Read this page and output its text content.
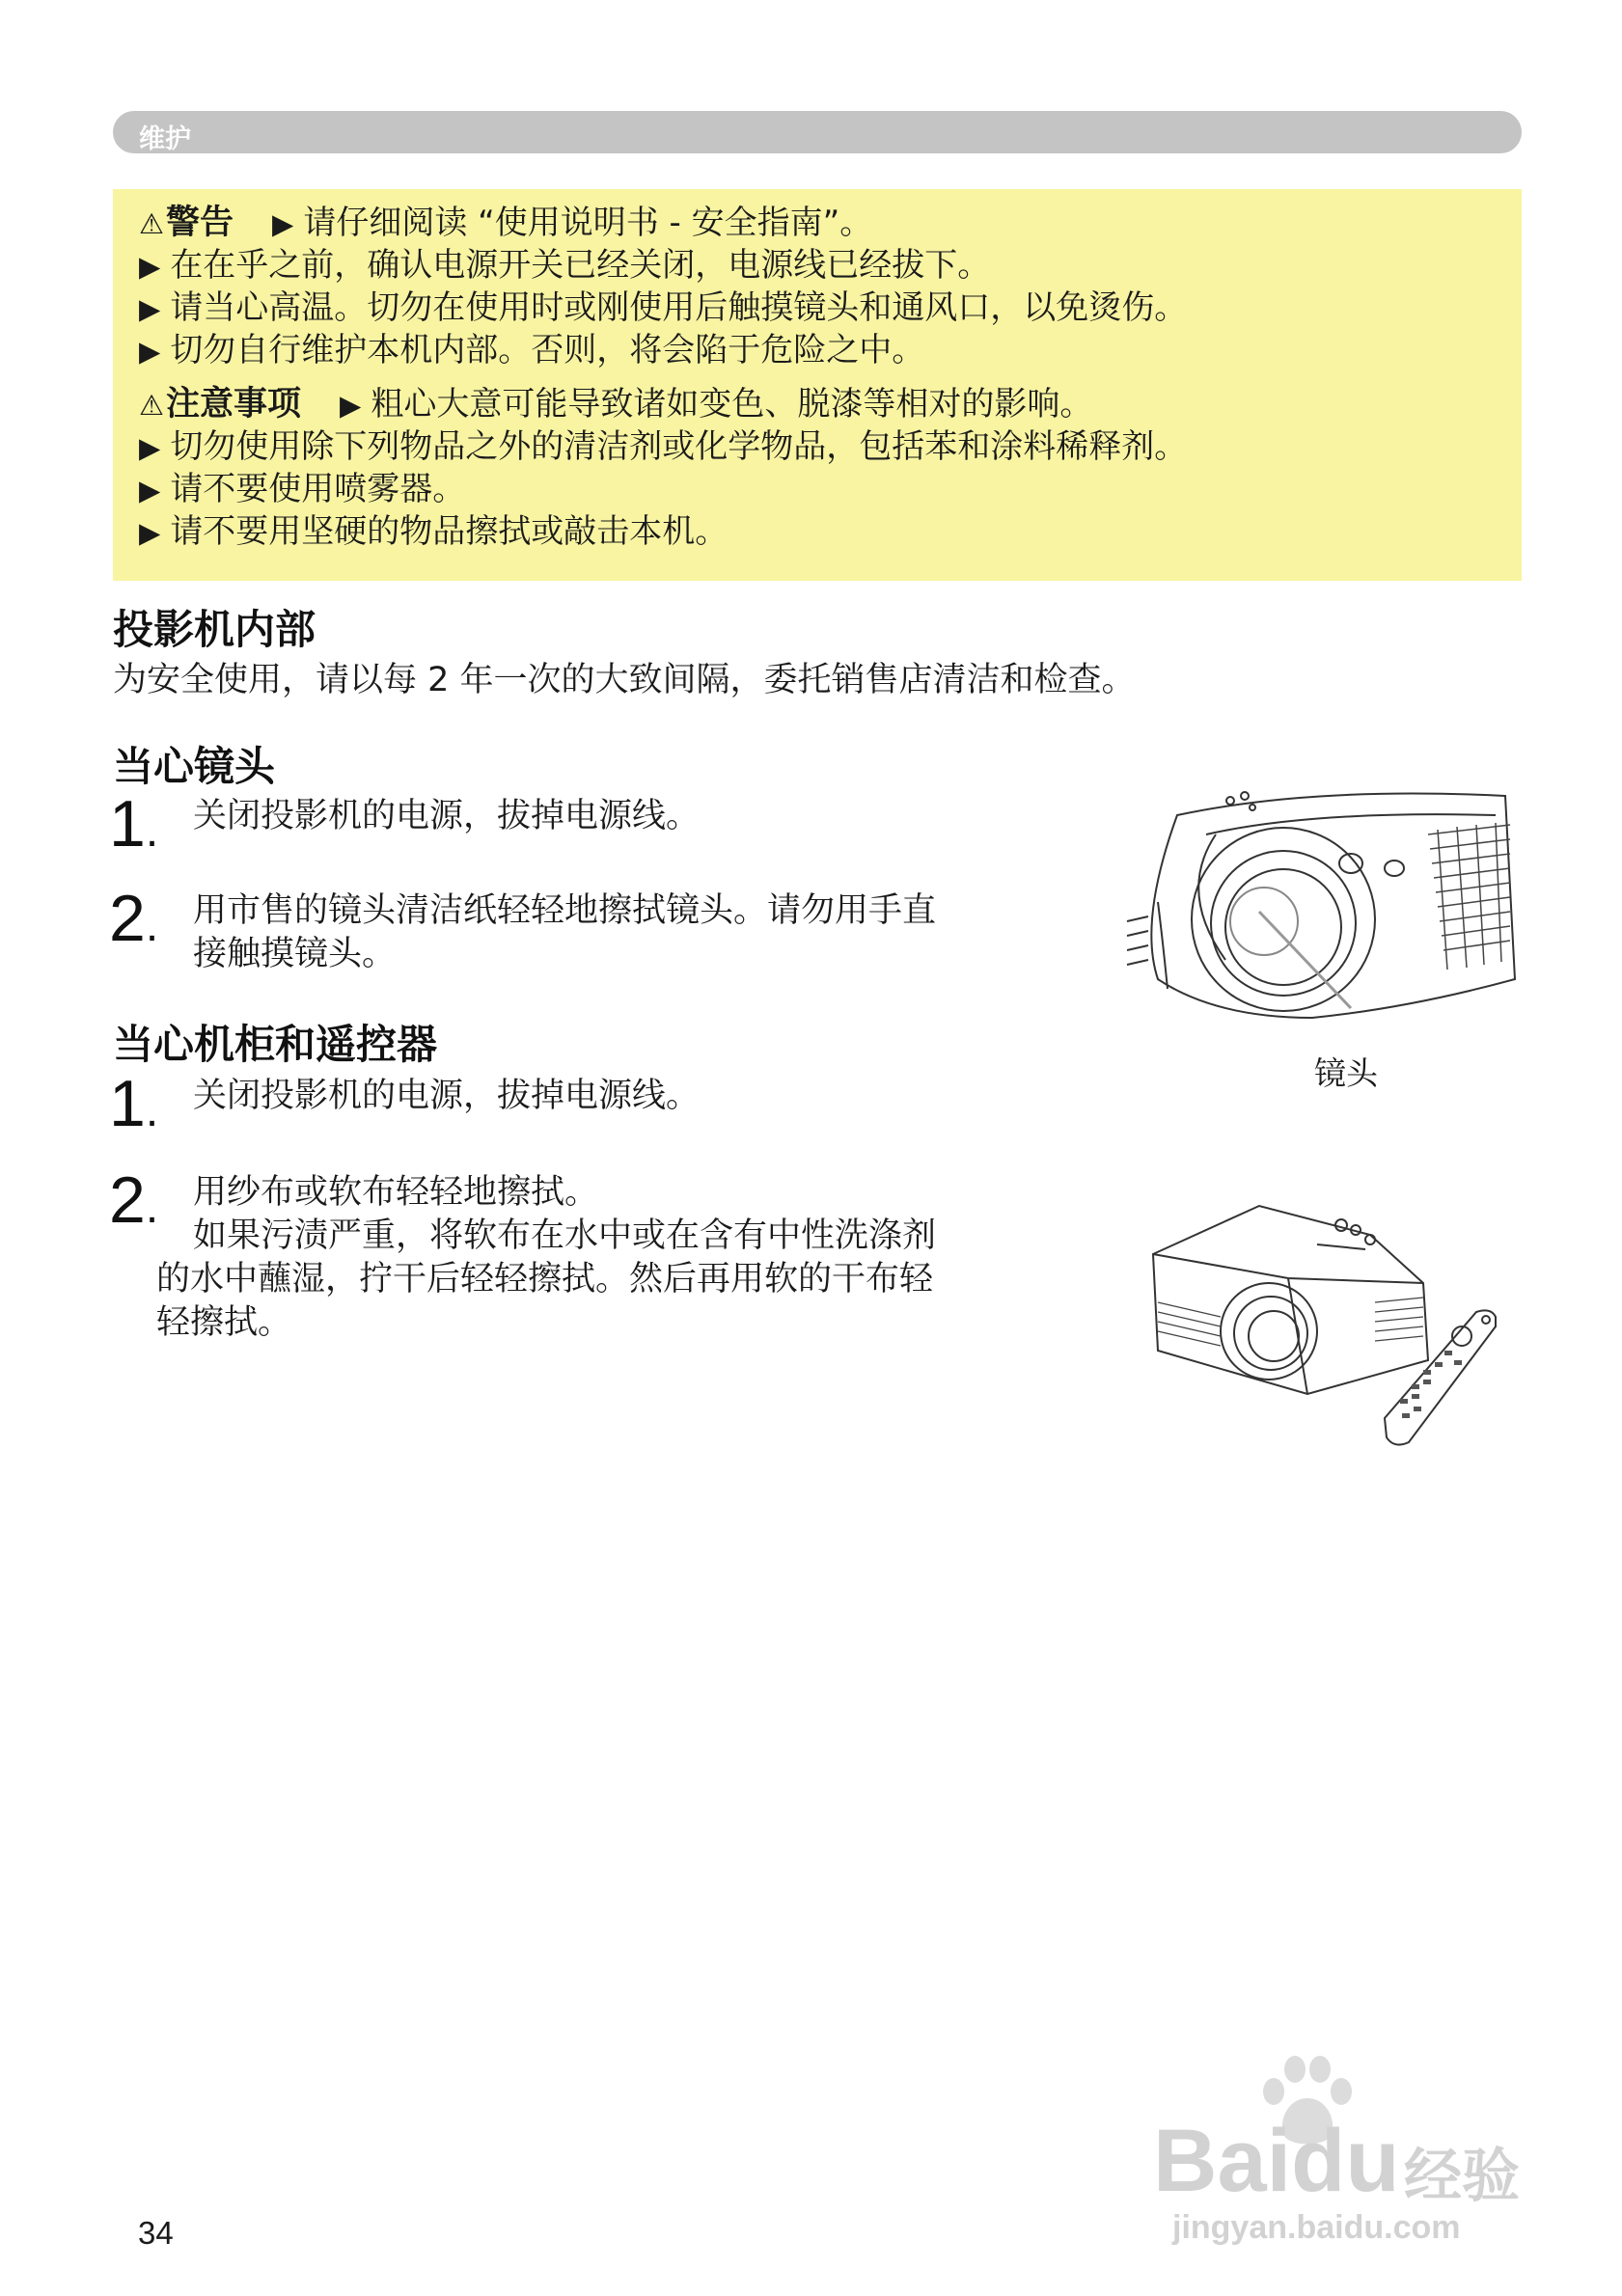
维护
⚠警告 ▶ 请仔细阅读 “使用说明书 - 安全指南”。
▶ 在在乎之前，确认电源开关已经关闭，电源线已经拔下。
▶ 请当心高温。切勿在使用时或刚使用后触摸镜头和通风口，以免烫伤。
▶ 切勿自行维护本机内部。否则，将会陷于危险之中。
⚠注意事项 ▶ 粗心大意可能导致诸如变色、脱漆等相对的影响。
▶ 切勿使用除下列物品之外的清洁剂或化学物品，包括苯和涂料稀释剂。
▶ 请不要使用喷雾器。
▶ 请不要用坚硬的物品擦拭或敲击本机。
投影机内部
为安全使用，请以每 2 年一次的大致间隔，委托销售店清洁和检查。
当心镜头
1. 关闭投影机的电源，拔掉电源线。
2. 用市售的镜头清洁纸轻轻地擦拭镜头。请勿用手直
接触摸镜头。
当心机柜和遥控器
1. 关闭投影机的电源，拔掉电源线。
2. 用纱布或软布轻轻地擦拭。
如果污渍严重，将软布在水中或在含有中性洗涤剂
的水中蘸湿，拧干后轻轻擦拭。然后再用软的干布轻
轻擦拭。
镜头
34
Baidu 经验
jingyan.baidu.com
